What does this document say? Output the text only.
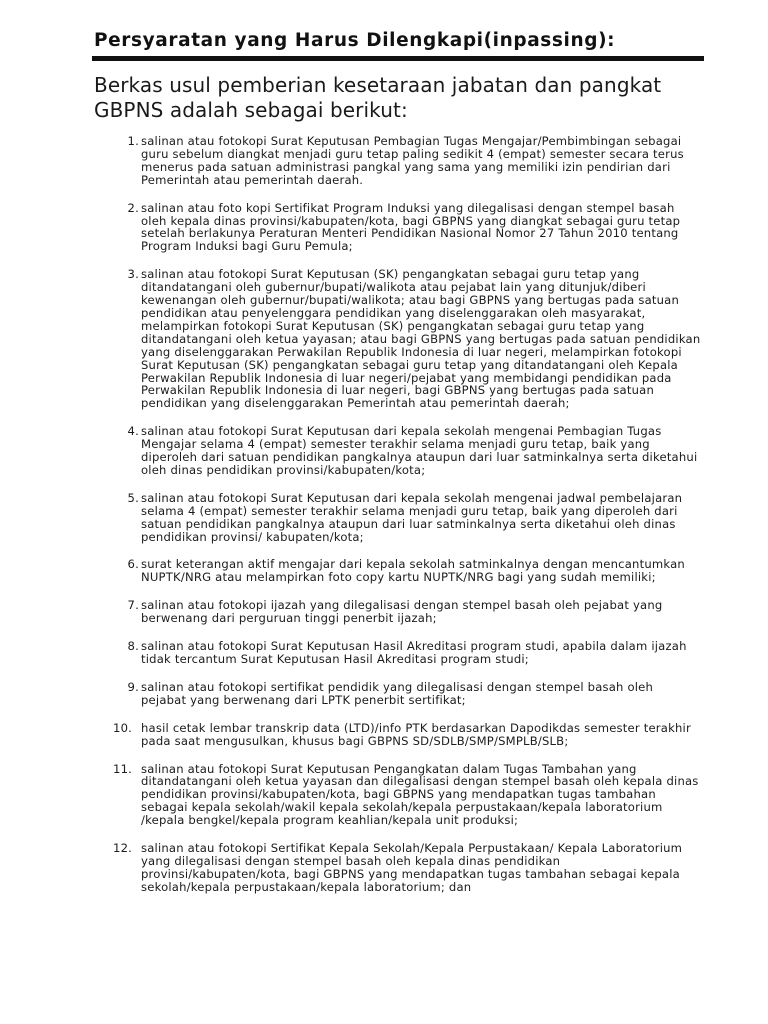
Persyaratan yang Harus Dilengkapi(inpassing):

Berkas usul pemberian kesetaraan jabatan dan pangkat GBPNS adalah sebagai berikut:

1. salinan atau fotokopi Surat Keputusan Pembagian Tugas Mengajar/Pembimbingan sebagai guru sebelum diangkat menjadi guru tetap paling sedikit 4 (empat) semester secara terus menerus pada satuan administrasi pangkal yang sama yang memiliki izin pendirian dari Pemerintah atau pemerintah daerah.
2. salinan atau foto kopi Sertifikat Program Induksi yang dilegalisasi dengan stempel basah oleh kepala dinas provinsi/kabupaten/kota, bagi GBPNS yang diangkat sebagai guru tetap setelah berlakunya Peraturan Menteri Pendidikan Nasional Nomor 27 Tahun 2010 tentang Program Induksi bagi Guru Pemula;
3. salinan atau fotokopi Surat Keputusan (SK) pengangkatan sebagai guru tetap yang ditandatangani oleh gubernur/bupati/walikota atau pejabat lain yang ditunjuk/diberi kewenangan oleh gubernur/bupati/walikota; atau bagi GBPNS yang bertugas pada satuan pendidikan atau penyelenggara pendidikan yang diselenggarakan oleh masyarakat, melampirkan fotokopi Surat Keputusan (SK) pengangkatan sebagai guru tetap yang ditandatangani oleh ketua yayasan; atau bagi GBPNS yang bertugas pada satuan pendidikan yang diselenggarakan Perwakilan Republik Indonesia di luar negeri, melampirkan fotokopi Surat Keputusan (SK) pengangkatan sebagai guru tetap yang ditandatangani oleh Kepala Perwakilan Republik Indonesia di luar negeri/pejabat yang membidangi pendidikan pada Perwakilan Republik Indonesia di luar negeri, bagi GBPNS yang bertugas pada satuan pendidikan yang diselenggarakan Pemerintah atau pemerintah daerah;
4. salinan atau fotokopi Surat Keputusan dari kepala sekolah mengenai Pembagian Tugas Mengajar selama 4 (empat) semester terakhir selama menjadi guru tetap, baik yang diperoleh dari satuan pendidikan pangkalnya ataupun dari luar satminkalnya serta diketahui oleh dinas pendidikan provinsi/kabupaten/kota;
5. salinan atau fotokopi Surat Keputusan dari kepala sekolah mengenai jadwal pembelajaran selama 4 (empat) semester terakhir selama menjadi guru tetap, baik yang diperoleh dari satuan pendidikan pangkalnya ataupun dari luar satminkalnya serta diketahui oleh dinas pendidikan provinsi/ kabupaten/kota;
6. surat keterangan aktif mengajar dari kepala sekolah satminkalnya dengan mencantumkan NUPTK/NRG atau melampirkan foto copy kartu NUPTK/NRG bagi yang sudah memiliki;
7. salinan atau fotokopi ijazah yang dilegalisasi dengan stempel basah oleh pejabat yang berwenang dari perguruan tinggi penerbit ijazah;
8. salinan atau fotokopi Surat Keputusan Hasil Akreditasi program studi, apabila dalam ijazah tidak tercantum Surat Keputusan Hasil Akreditasi program studi;
9. salinan atau fotokopi sertifikat pendidik yang dilegalisasi dengan stempel basah oleh pejabat yang berwenang dari LPTK penerbit sertifikat;
10. hasil cetak lembar transkrip data (LTD)/info PTK berdasarkan Dapodikdas semester terakhir pada saat mengusulkan, khusus bagi GBPNS SD/SDLB/SMP/SMPLB/SLB;
11. salinan atau fotokopi Surat Keputusan Pengangkatan dalam Tugas Tambahan yang ditandatangani oleh ketua yayasan dan dilegalisasi dengan stempel basah oleh kepala dinas pendidikan provinsi/kabupaten/kota, bagi GBPNS yang mendapatkan tugas tambahan sebagai kepala sekolah/wakil kepala sekolah/kepala perpustakaan/kepala laboratorium /kepala bengkel/kepala program keahlian/kepala unit produksi;
12. salinan atau fotokopi Sertifikat Kepala Sekolah/Kepala Perpustakaan/ Kepala Laboratorium yang dilegalisasi dengan stempel basah oleh kepala dinas pendidikan provinsi/kabupaten/kota, bagi GBPNS yang mendapatkan tugas tambahan sebagai kepala sekolah/kepala perpustakaan/kepala laboratorium; dan
